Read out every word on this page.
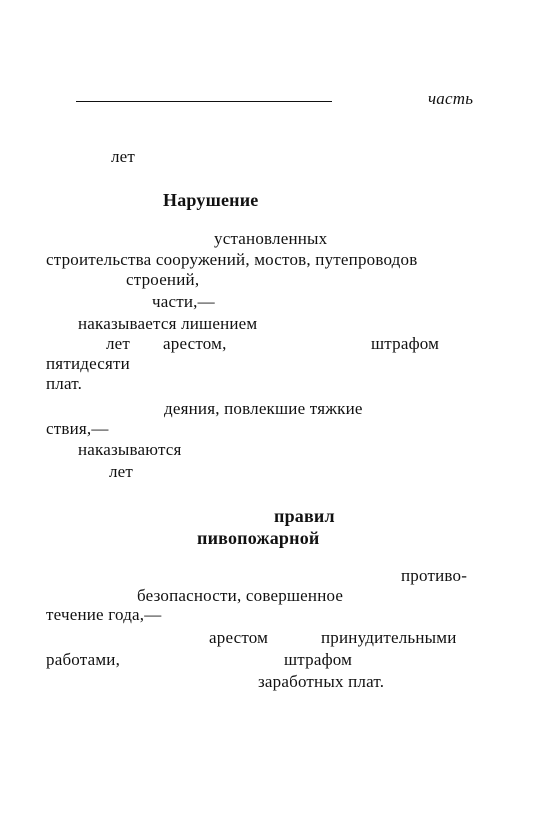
часть
лет
Нарушение
установленных
строительства сооружений, мостов, путепроводов
строений,
части,—
наказывается лишением
лет арестом,	штрафом
пятидесяти
плат.
деяния, повлекшие тяжкие
ствия,—
наказываются
лет
правил
пивопожарной
противо-
безопасности, совершенное
течение года,—
арестом	принудительными
работами,	штрафом
заработных плат.
